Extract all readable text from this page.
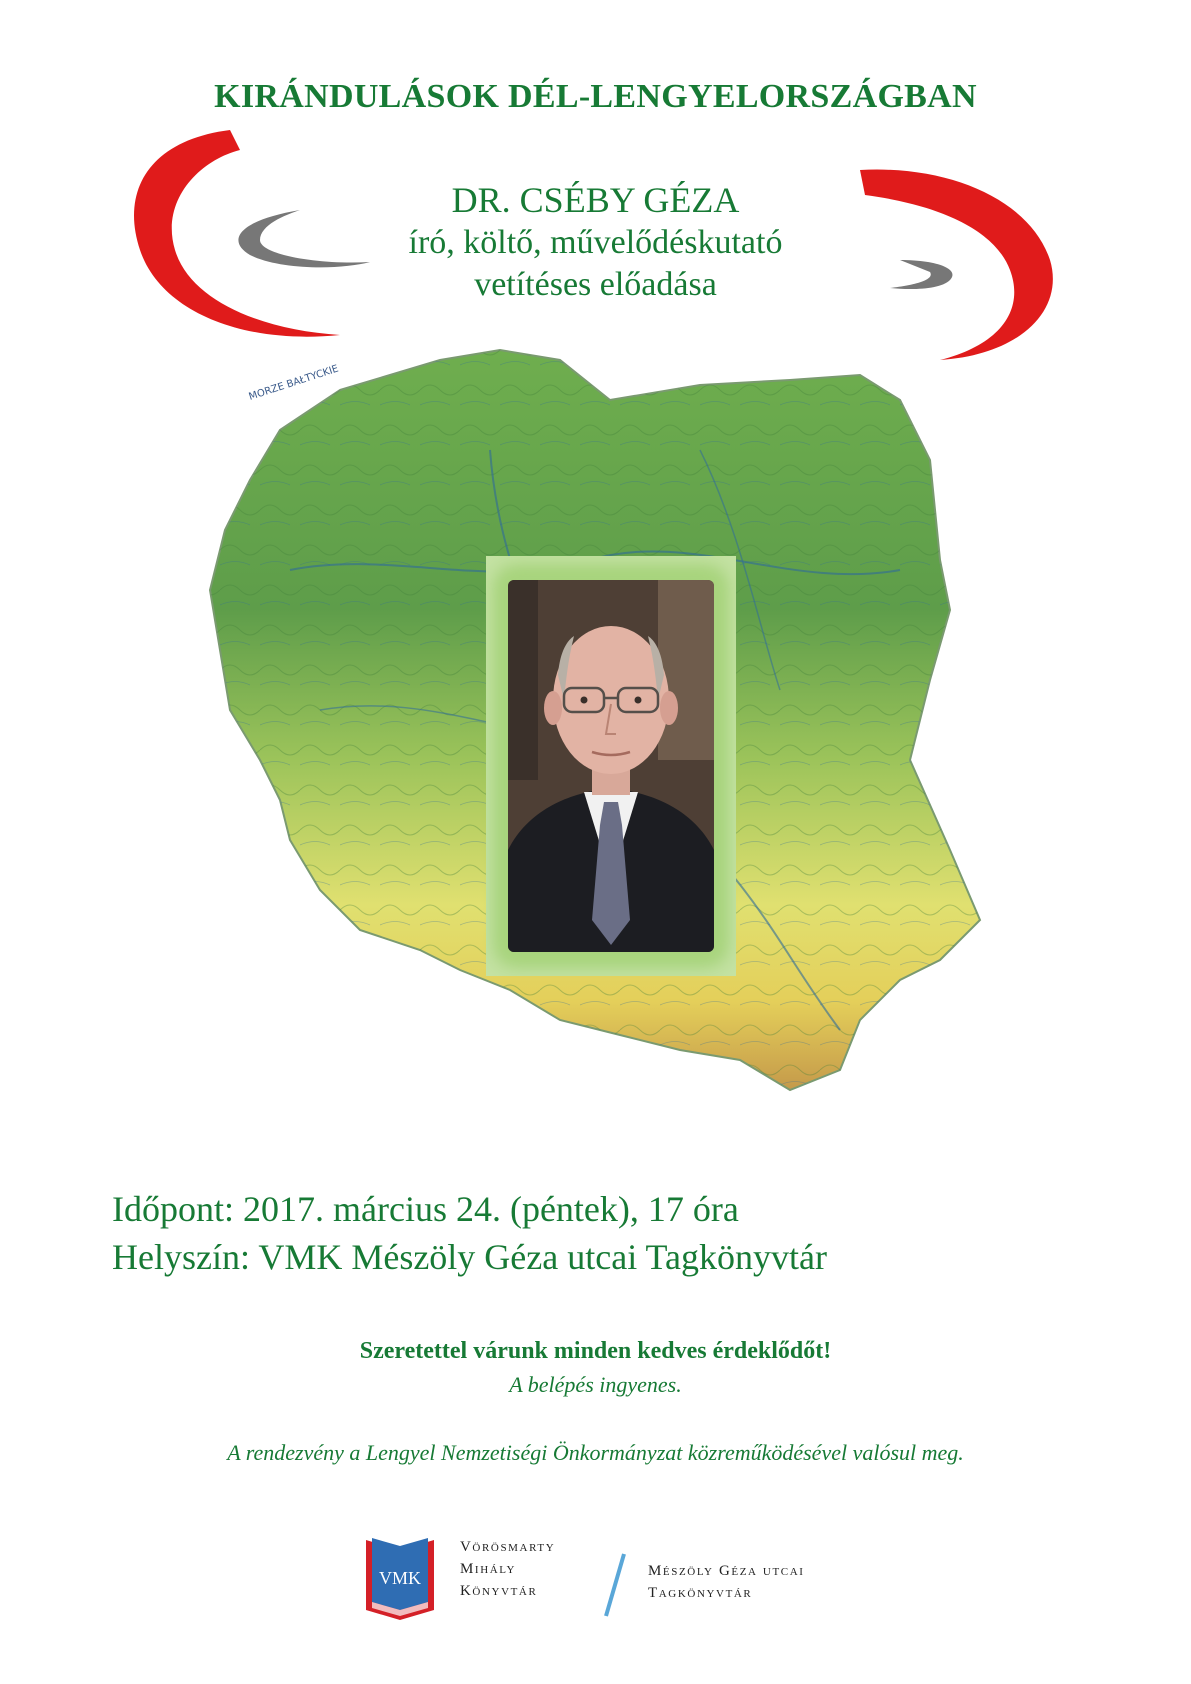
KIRÁNDULÁSOK DÉL-LENGYELORSZÁGBAN
DR. CSÉBY GÉZA
író, költő, művelődéskutató
vetítéses előadása
MORZE BAŁTYCKIE
Időpont: 2017. március 24. (péntek), 17 óra
Helyszín: VMK Mészöly Géza utcai Tagkönyvtár
Szeretettel várunk minden kedves érdeklődőt!
A belépés ingyenes.
A rendezvény a Lengyel Nemzetiségi Önkormányzat közreműködésével valósul meg.
VMK
Vörösmarty
Mihály
Könyvtár
Mészöly Géza utcai
Tagkönyvtár
